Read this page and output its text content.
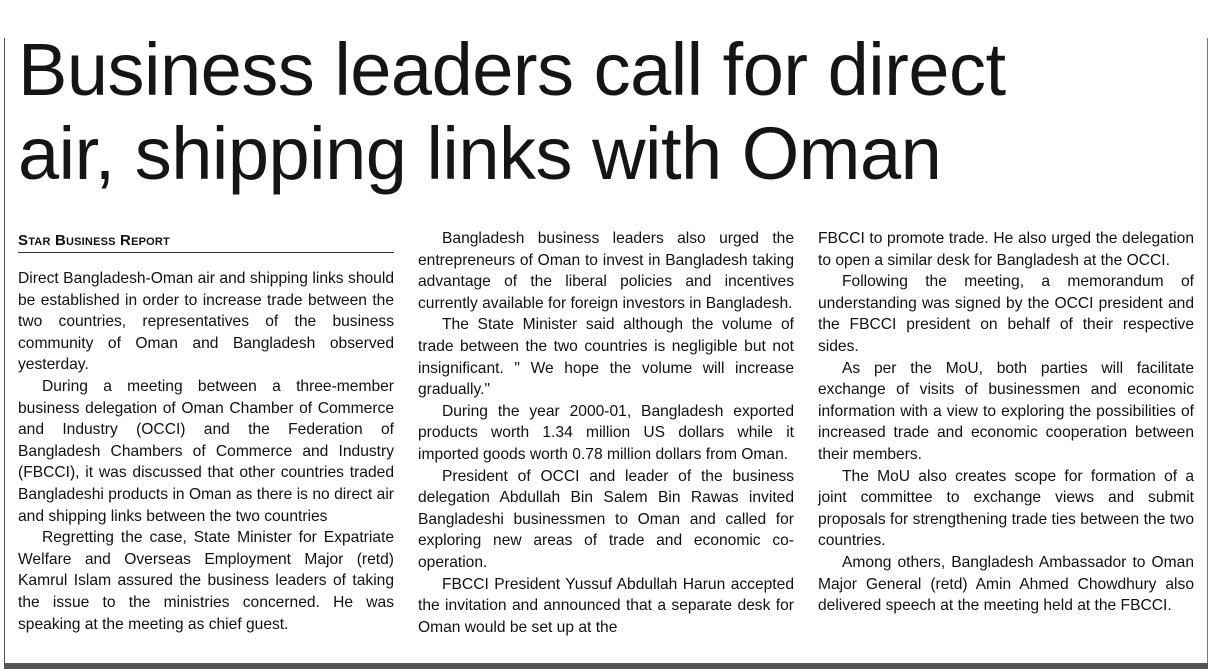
Business leaders call for direct
air, shipping links with Oman
Star Business Report

Direct Bangladesh-Oman air and shipping links should be established in order to increase trade between the two countries, representatives of the business community of Oman and Bangladesh observed yesterday.

During a meeting between a three-member business delegation of Oman Chamber of Commerce and Industry (OCCI) and the Federation of Bangladesh Chambers of Commerce and Industry (FBCCI), it was discussed that other countries traded Bangladeshi products in Oman as there is no direct air and shipping links between the two countries

Regretting the case, State Minister for Expatriate Welfare and Overseas Employment Major (retd) Kamrul Islam assured the business leaders of taking the issue to the ministries concerned. He was speaking at the meeting as chief guest.

Bangladesh business leaders also urged the entrepreneurs of Oman to invest in Bangladesh taking advantage of the liberal policies and incentives currently available for foreign investors in Bangladesh.

The State Minister said although the volume of trade between the two countries is negligible but not insignificant. " We hope the volume will increase gradually."

During the year 2000-01, Bangladesh exported products worth 1.34 million US dollars while it imported goods worth 0.78 million dollars from Oman.

President of OCCI and leader of the business delegation Abdullah Bin Salem Bin Rawas invited Bangladeshi businessmen to Oman and called for exploring new areas of trade and economic co-operation.

FBCCI President Yussuf Abdullah Harun accepted the invitation and announced that a separate desk for Oman would be set up at the

FBCCI to promote trade. He also urged the delegation to open a similar desk for Bangladesh at the OCCI.

Following the meeting, a memorandum of understanding was signed by the OCCI president and the FBCCI president on behalf of their respective sides.

As per the MoU, both parties will facilitate exchange of visits of businessmen and economic information with a view to exploring the possibilities of increased trade and economic cooperation between their members.

The MoU also creates scope for formation of a joint committee to exchange views and submit proposals for strengthening trade ties between the two countries.

Among others, Bangladesh Ambassador to Oman Major General (retd) Amin Ahmed Chowdhury also delivered speech at the meeting held at the FBCCI.
